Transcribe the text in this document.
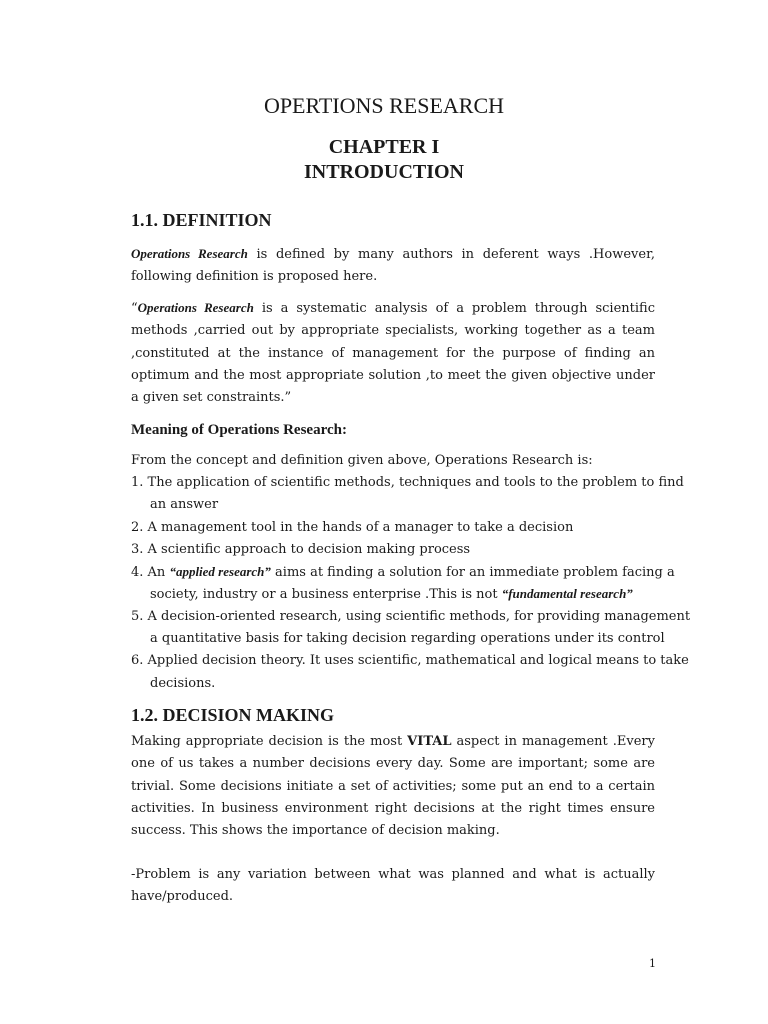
OPERTIONS RESEARCH
CHAPTER I
INTRODUCTION
1.1. DEFINITION
Operations Research is defined by many authors in deferent ways .However, following definition is proposed here.
“Operations Research is a systematic analysis of a problem through scientific methods ,carried out by appropriate specialists, working together as a team ,constituted at the instance of management for the purpose of finding an optimum and the most appropriate solution ,to meet the given objective under a given set constraints.”
Meaning of Operations Research:
From the concept and definition given above, Operations Research is:
1. The application of scientific methods, techniques and tools to the problem to find
an answer
2. A management tool in the hands of a manager to take a decision
3. A scientific approach to decision making process
4. An “applied research” aims at finding a solution for an immediate problem facing a
society, industry or a business enterprise .This is not “fundamental research”
5. A decision-oriented research, using scientific methods, for providing management
a quantitative basis for taking decision regarding operations under its control
6. Applied decision theory. It uses scientific, mathematical and logical means to take
decisions.
1.2. DECISION MAKING
Making appropriate decision is the most VITAL aspect in management .Every one of us takes a number decisions every day. Some are important; some are trivial. Some decisions initiate a set of activities; some put an end to a certain activities. In business environment right decisions at the right times ensure success. This shows the importance of decision making.
-Problem is any variation between what was planned and what is actually have/produced.
1
